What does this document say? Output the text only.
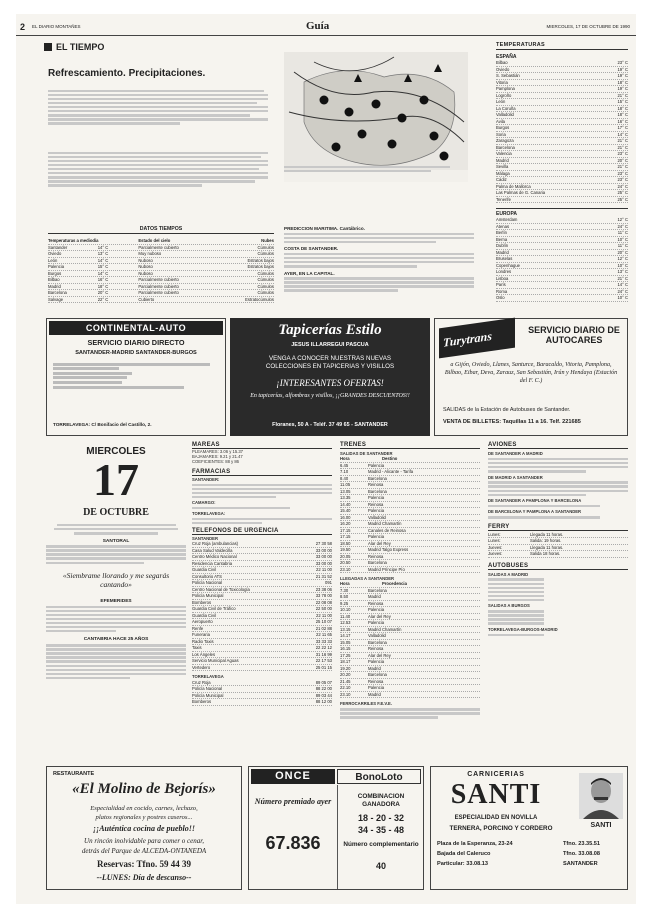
2 EL DIARIO MONTAÑES	Guía	MIERCOLES, 17 DE OCTUBRE DE 1990
EL TIEMPO
Refrescamiento. Precipitaciones.
DATOS TIEMPOS
Temperaturas a mediodía	Estado del cielo	Nubes
Santander	14° C	Parcialmente cubierto	Cúmulos
Oviedo	13° C	Muy nuboso	Cúmulos
León	14° C	Nuboso	Estratos bajos
Palencia	15° C	Nuboso	Estratos bajos
Burgos	14° C	Nuboso	Cúmulos
Bilbao	16° C	Parcialmente cubierto	Cúmulos
Madrid	18° C	Parcialmente cubierto	Cúmulos
Barcelona	20° C	Parcialmente cubierto	Cúmulos
Salvage	22° C	Cubierto	Estratocúmulos
PREDICCION MARITIMA. Cantábrico.
COSTA DE SANTANDER.
AYER, EN LA CAPITAL.
TEMPERATURAS
ESPAÑA
Bilbao	23° C
Oviedo	19° C
S. Sebastián	19° C
Vitoria	18° C
Pamplona	19° C
Logroño	21° C
León	15° C
La Coruña	18° C
Valladolid	18° C
Avila	16° C
Burgos	17° C
Soria	14° C
Zaragoza	21° C
Barcelona	21° C
Valencia	23° C
Madrid	20° C
Sevilla	21° C
Málaga	23° C
Cádiz	23° C
Palma de Mallorca	24° C
Las Palmas de G. Canaria	25° C
Tenerife	25° C
EUROPA
Amsterdam	12° C
Atenas	24° C
Berlín	11° C
Berna	10° C
Dublín	11° C
Madrid	20° C
Bruselas	12° C
Copenhague	10° C
Londres	13° C
Lisboa	21° C
París	14° C
Roma	24° C
Oslo	10° C
CONTINENTAL-AUTO
SERVICIO DIARIO DIRECTO
SANTANDER-MADRID SANTANDER-BURGOS
TORRELAVEGA: C/ Bonifacio del Castillo, 2.
Tapicerías Estilo
JESUS ILLARREGUI PASCUA
VENGA A CONOCER NUESTRAS NUEVAS COLECCIONES EN TAPICERIAS Y VISILLOS
¡INTERESANTES OFERTAS!
En tapicerías, alfombras y visillos, ¡¡GRANDES DESCUENTOS!!
Floranes, 50 A - Teléf. 37 49 65 - SANTANDER
Turytrans	SERVICIO DIARIO DE AUTOCARES
a Gijón, Oviedo, Llanes, Santurce, Baracaldo, Vitoria, Pamplona, Bilbao, Eibar, Deva, Zarauz, San Sebastián, Irún y Hendaya (Estación del F. C.)
SALIDAS de la Estación de Autobuses de Santander.
VENTA DE BILLETES: Taquillas 11 a 16. Telf. 221685
MIERCOLES
17
DE OCTUBRE
SANTORAL
«Siembrame llorando y me segarás cantando»
EFEMERIDES
CANTABRIA HACE 25 AÑOS
MAREAS
PLEAMARES: 3.06 y 15.37
BAJAMARES: 9.21 y 21.47
COEFICIENTES: 88 y 86
FARMACIAS
SANTANDER:
CAMARGO:
TORRELAVEGA:
TELEFONOS DE URGENCIA
SANTANDER
Cruz Roja (ambulancias)	27 30 58
Casa Salud Valdecilla	33 00 00
Centro Médico Nacional	33 00 00
Residencia Cantabria	33 00 00
Guardia Civil	22 11 00
Consultorio ATS	21 31 52
Policía Nacional	091
Centro Nacional de Toxicología	23 38 06
Policía Municipal	33 78 00
Bomberos	22 08 08
Guardia Civil de Tráfico	22 50 00
Guardia Civil	22 11 00
Aeropuerto	25 10 07
Renfe	21 02 88
Funeraria	22 11 65
Radio Taxis	33 33 33
Taxis	22 22 12
Los Ángeles	31 16 99
Servicio Municipal Aguas	22 17 53
Vertedero	25 01 15
TORRELAVEGA
Cruz Roja	89 05 07
Policía Nacional	88 22 00
Policía Municipal	89 03 44
Bomberos	88 12 00
TRENES
SALIDAS DE SANTANDER
Hora	Destino
6.45	Palencia
7.10	Madrid - Alicante - Tarifa
8.40	Barcelona
11.05	Reinosa
13.05	Barcelona
13.35	Palencia
14.40	Reinosa
15.40	Palencia
16.00	Valladolid
16.20	Madrid Chamartín
17.15	Canales de Reinosa
17.15	Palencia
18.50	Alar del Rey
19.50	Madrid Talgo Express
20.05	Reinosa
20.50	Barcelona
23.10	Madrid Príncipe Pío
LLEGADAS A SANTANDER
Hora	Procedencia
7.30	Barcelona
8.50	Madrid
9.25	Reinosa
10.10	Palencia
11.40	Alar del Rey
12.53	Palencia
13.15	Madrid Chamartín
14.17	Valladolid
15.05	Barcelona
16.15	Reinosa
17.25	Alar del Rey
18.17	Palencia
19.20	Madrid
20.20	Barcelona
21.45	Reinosa
22.10	Palencia
23.10	Madrid
FERROCARRILES F.E.V.E.
AVIONES
DE SANTANDER A MADRID
DE MADRID A SANTANDER
DE SANTANDER A PAMPLONA Y BARCELONA
DE BARCELONA Y PAMPLONA A SANTANDER
FERRY
Lunes:	Llegada 11 horas.
Lunes:	Salida: 19 horas.
Jueves:	Llegada 11 horas.
Jueves:	Salida 18 horas.
AUTOBUSES
SALIDAS A MADRID
SALIDAS A BURGOS
TORRELAVEGA-BURGOS-MADRID
RESTAURANTE
«El Molino de Bejorís»
Especialidad en cocido, carnes, lechazo,
platos regionales y postres caseros...
¡¡Auténtica cocina de pueblo!!
Un rincón inolvidable para comer o cenar,
detrás del Parque de ALCEDA-ONTANEDA
Reservas: Tfno. 59 44 39
--LUNES: Día de descanso--
ONCE	BonoLoto
Número premiado ayer
67.836
COMBINACION GANADORA
18 - 20 - 32
34 - 35 - 48
Número complementario
40
CARNICERIAS
SANTI
ESPECIALIDAD EN NOVILLA
TERNERA, PORCINO Y CORDERO	SANTI
Plaza de la Esperanza, 23-24
Bajada del Caleruco
Particular: 33.08.13
Tfno. 23.35.51
Tfno. 33.08.08
SANTANDER
